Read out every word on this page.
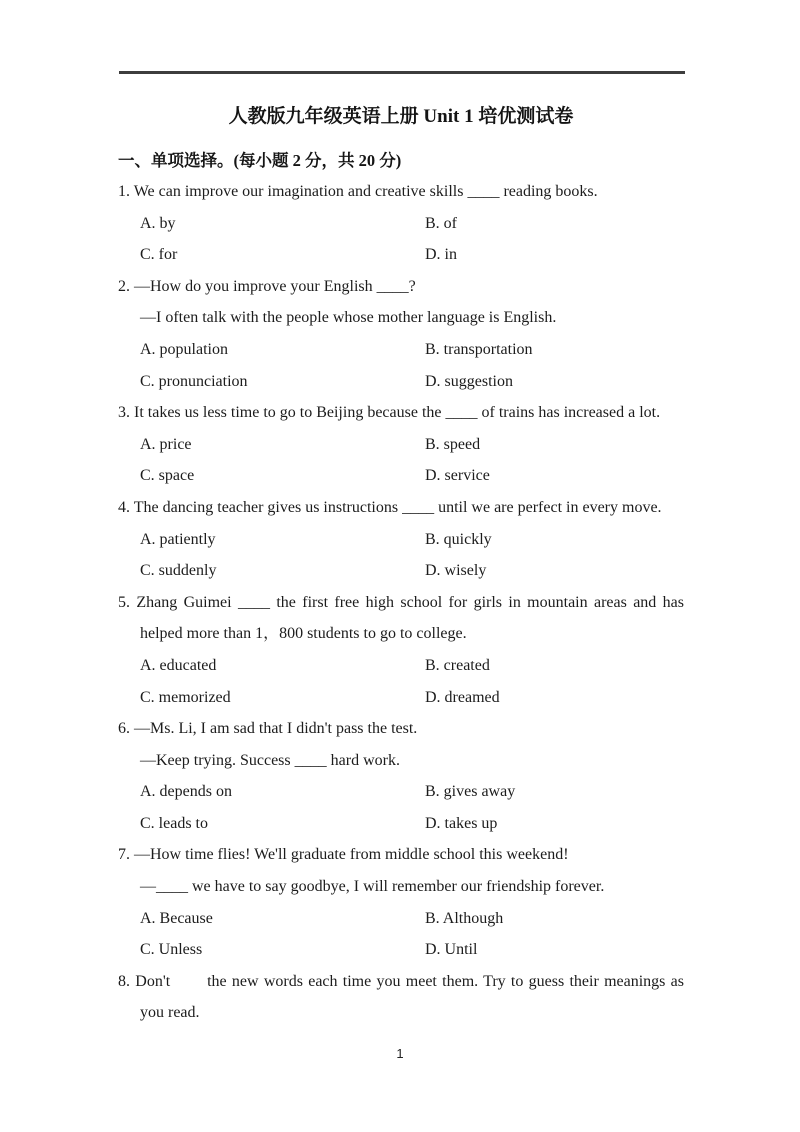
人教版九年级英语上册 Unit 1 培优测试卷
一、单项选择。(每小题 2 分，共 20 分)

1. We can improve our imagination and creative skills ____ reading books.

A. by	B. of
C. for	D. in

2. —How do you improve your English ____?

—I often talk with the people whose mother language is English.

A. population	B. transportation
C. pronunciation	D. suggestion

3. It takes us less time to go to Beijing because the ____ of trains has increased a lot.

A. price	B. speed
C. space	D. service

4. The dancing teacher gives us instructions ____ until we are perfect in every move.

A. patiently	B. quickly
C. suddenly	D. wisely

5. Zhang Guimei ____ the first free high school for girls in mountain areas and has helped more than 1，800 students to go to college.

A. educated	B. created
C. memorized	D. dreamed

6. —Ms. Li, I am sad that I didn't pass the test.

—Keep trying. Success ____ hard work.

A. depends on	B. gives away
C. leads to	D. takes up

7. —How time flies! We'll graduate from middle school this weekend!

—____ we have to say goodbye, I will remember our friendship forever.

A. Because	B. Although
C. Unless	D. Until

8. Don't       the new words each time you meet them. Try to guess their meanings as you read.

1
